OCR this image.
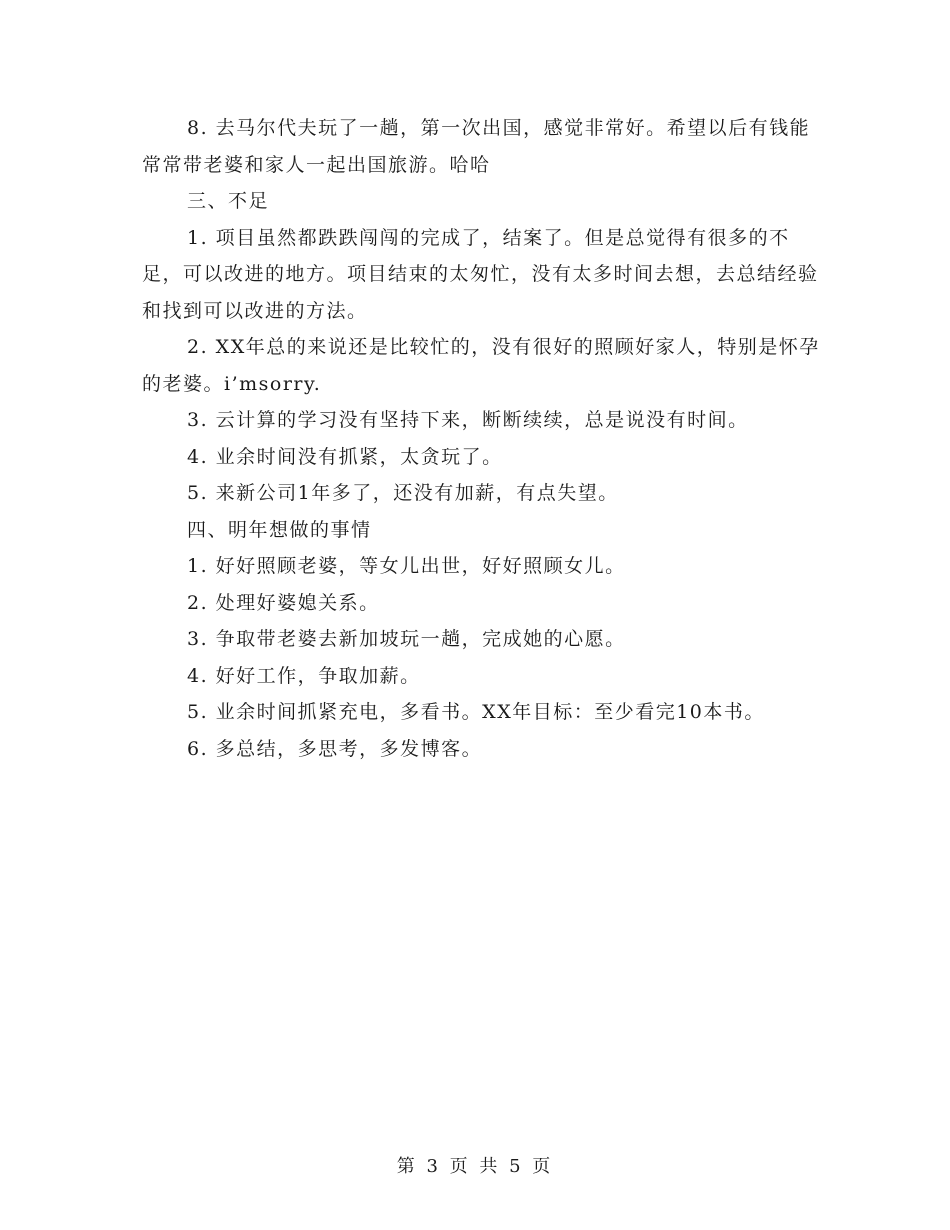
8. 去马尔代夫玩了一趟，第一次出国，感觉非常好。希望以后有钱能常常带老婆和家人一起出国旅游。哈哈

三、不足

1. 项目虽然都跌跌闯闯的完成了，结案了。但是总觉得有很多的不足，可以改进的地方。项目结束的太匆忙，没有太多时间去想，去总结经验和找到可以改进的方法。

2. XX年总的来说还是比较忙的，没有很好的照顾好家人，特别是怀孕的老婆。i’msorry.

3. 云计算的学习没有坚持下来，断断续续，总是说没有时间。

4. 业余时间没有抓紧，太贪玩了。

5. 来新公司1年多了，还没有加薪，有点失望。

四、明年想做的事情

1. 好好照顾老婆，等女儿出世，好好照顾女儿。

2. 处理好婆媳关系。

3. 争取带老婆去新加坡玩一趟，完成她的心愿。

4. 好好工作，争取加薪。

5. 业余时间抓紧充电，多看书。XX年目标：至少看完10本书。

6. 多总结，多思考，多发博客。

第 3 页 共 5 页
